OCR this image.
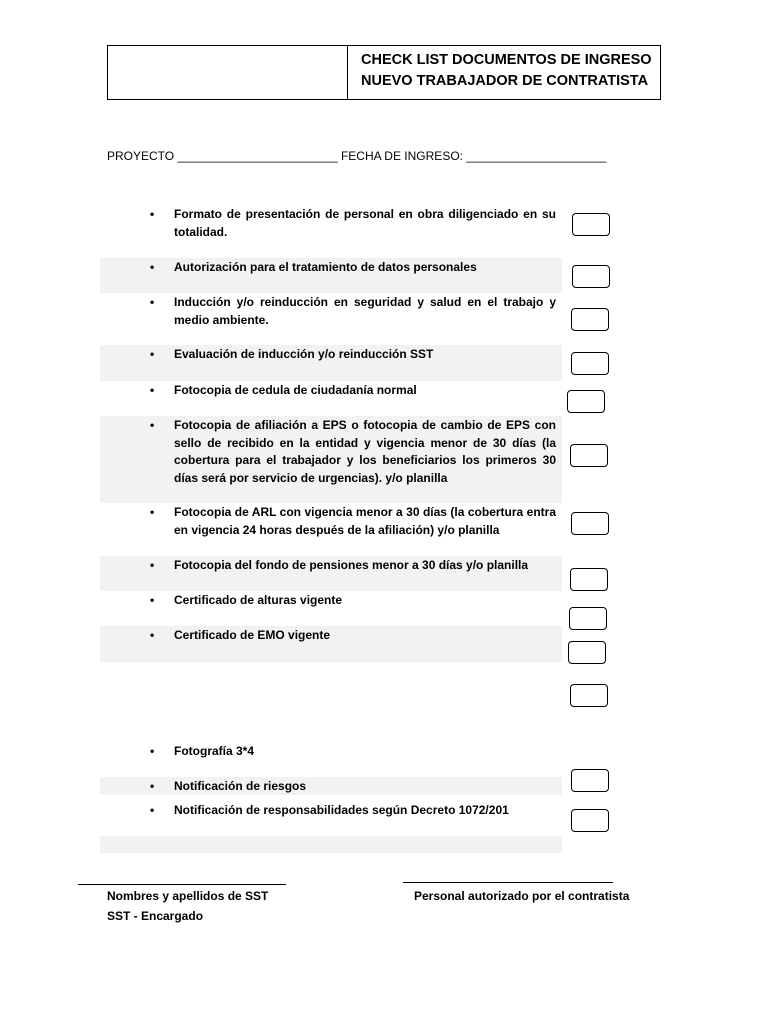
CHECK LIST DOCUMENTOS DE INGRESO
NUEVO TRABAJADOR DE CONTRATISTA
PROYECTO ________________________ FECHA DE INGRESO: _____________________
• Formato de presentación de personal en obra diligenciado en su totalidad.
• Autorización para el tratamiento de datos personales
• Inducción y/o reinducción en seguridad y salud en el trabajo y medio ambiente.
• Evaluación de inducción y/o reinducción SST
• Fotocopia de cedula de ciudadanía normal
• Fotocopia de afiliación a EPS o fotocopia de cambio de EPS con sello de recibido en la entidad y vigencia menor de 30 días (la cobertura para el trabajador y los beneficiarios los primeros 30 días será por servicio de urgencias). y/o planilla
• Fotocopia de ARL con vigencia menor a 30 días (la cobertura entra en vigencia 24 horas después de la afiliación) y/o planilla
• Fotocopia del fondo de pensiones menor a 30 días y/o planilla
• Certificado de alturas vigente
• Certificado de EMO vigente
• Fotografía 3*4
• Notificación de riesgos
• Notificación de responsabilidades según Decreto 1072/201
Nombres y apellidos de SST
SST - Encargado
Personal autorizado por el contratista
